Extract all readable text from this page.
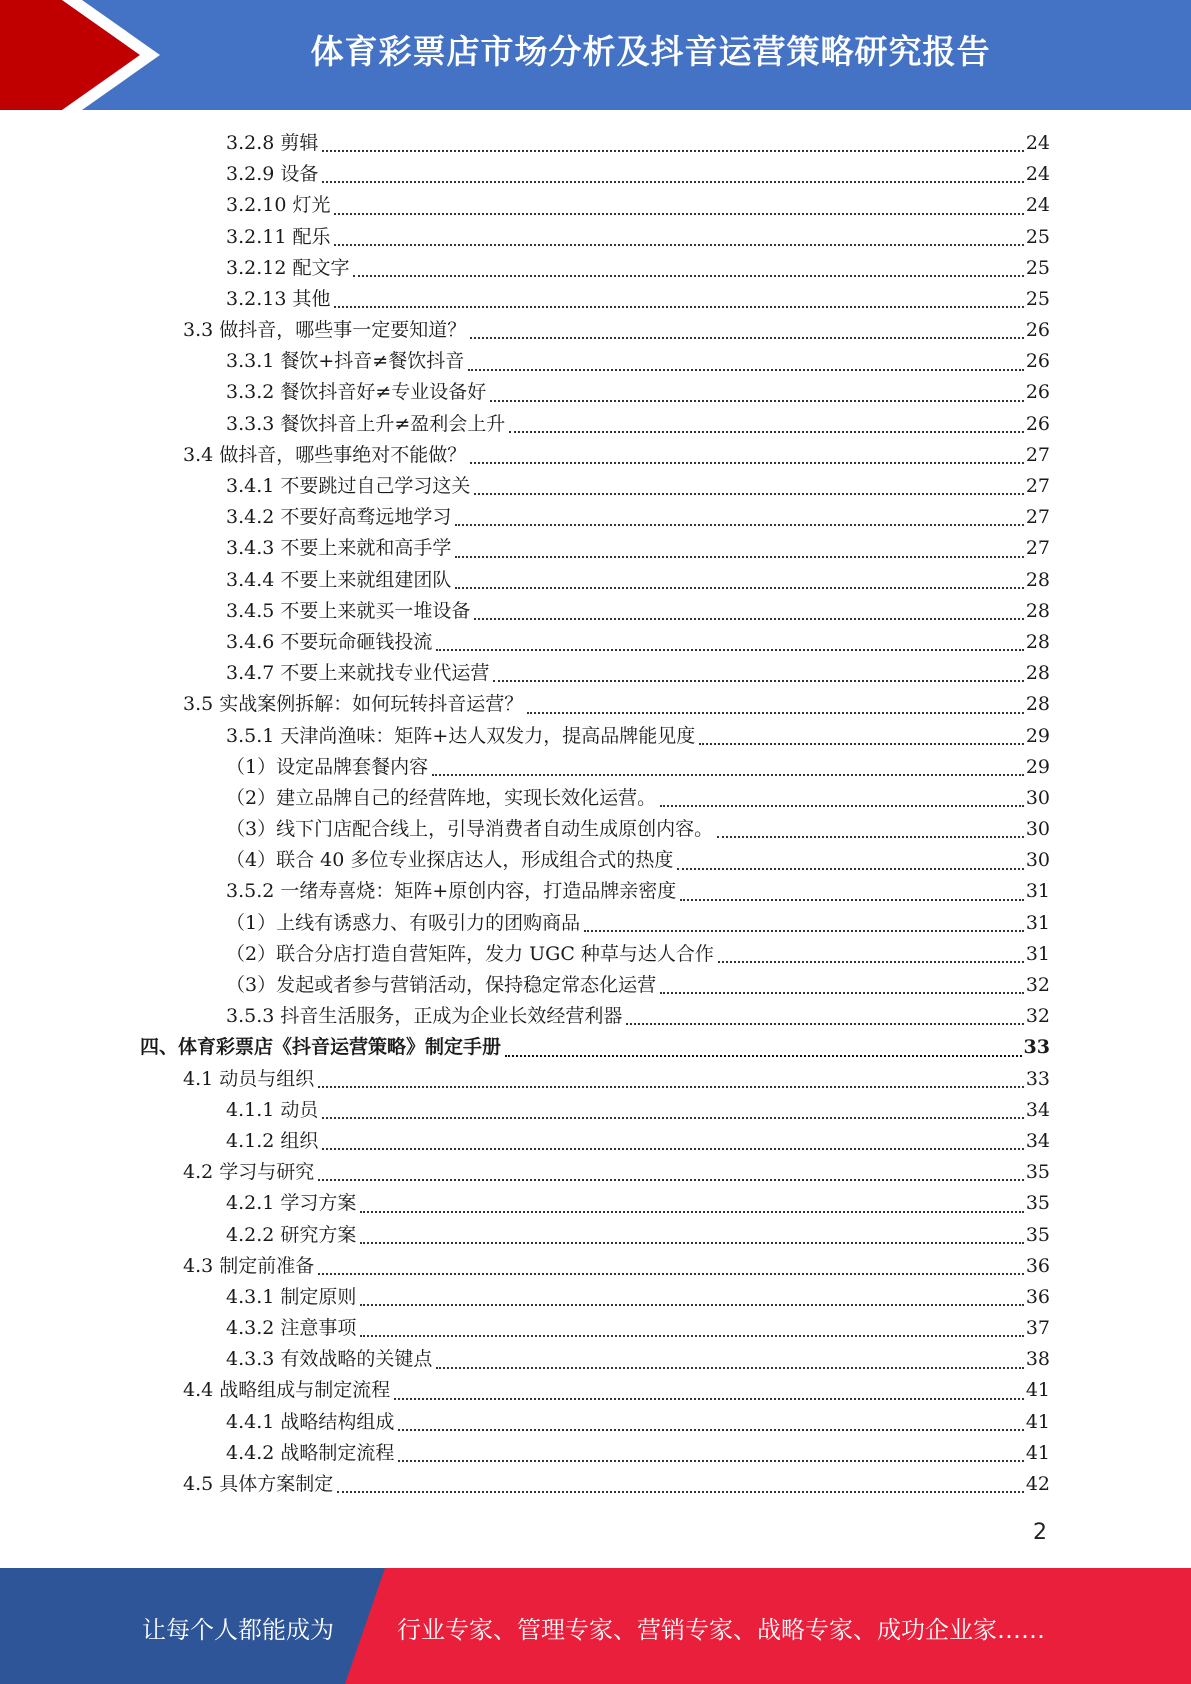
体育彩票店市场分析及抖音运营策略研究报告
3.2.8 剪辑	24
3.2.9 设备	24
3.2.10 灯光	24
3.2.11 配乐	25
3.2.12 配文字	25
3.2.13 其他	25
3.3 做抖音，哪些事一定要知道？	26
3.3.1 餐饮+抖音≠餐饮抖音	26
3.3.2 餐饮抖音好≠专业设备好	26
3.3.3 餐饮抖音上升≠盈利会上升	26
3.4 做抖音，哪些事绝对不能做？	27
3.4.1 不要跳过自己学习这关	27
3.4.2 不要好高骛远地学习	27
3.4.3 不要上来就和高手学	27
3.4.4 不要上来就组建团队	28
3.4.5 不要上来就买一堆设备	28
3.4.6 不要玩命砸钱投流	28
3.4.7 不要上来就找专业代运营	28
3.5 实战案例拆解：如何玩转抖音运营？	28
3.5.1 天津尚渔味：矩阵+达人双发力，提高品牌能见度	29
（1）设定品牌套餐内容	29
（2）建立品牌自己的经营阵地，实现长效化运营。	30
（3）线下门店配合线上，引导消费者自动生成原创内容。	30
（4）联合 40 多位专业探店达人，形成组合式的热度	30
3.5.2 一绪寿喜烧：矩阵+原创内容，打造品牌亲密度	31
（1）上线有诱惑力、有吸引力的团购商品	31
（2）联合分店打造自营矩阵，发力 UGC 种草与达人合作	31
（3）发起或者参与营销活动，保持稳定常态化运营	32
3.5.3 抖音生活服务，正成为企业长效经营利器	32
四、体育彩票店《抖音运营策略》制定手册	33
4.1 动员与组织	33
4.1.1 动员	34
4.1.2 组织	34
4.2 学习与研究	35
4.2.1 学习方案	35
4.2.2 研究方案	35
4.3 制定前准备	36
4.3.1 制定原则	36
4.3.2 注意事项	37
4.3.3 有效战略的关键点	38
4.4 战略组成与制定流程	41
4.4.1 战略结构组成	41
4.4.2 战略制定流程	41
4.5 具体方案制定	42
2
让每个人都能成为	行业专家、管理专家、营销专家、战略专家、成功企业家……
